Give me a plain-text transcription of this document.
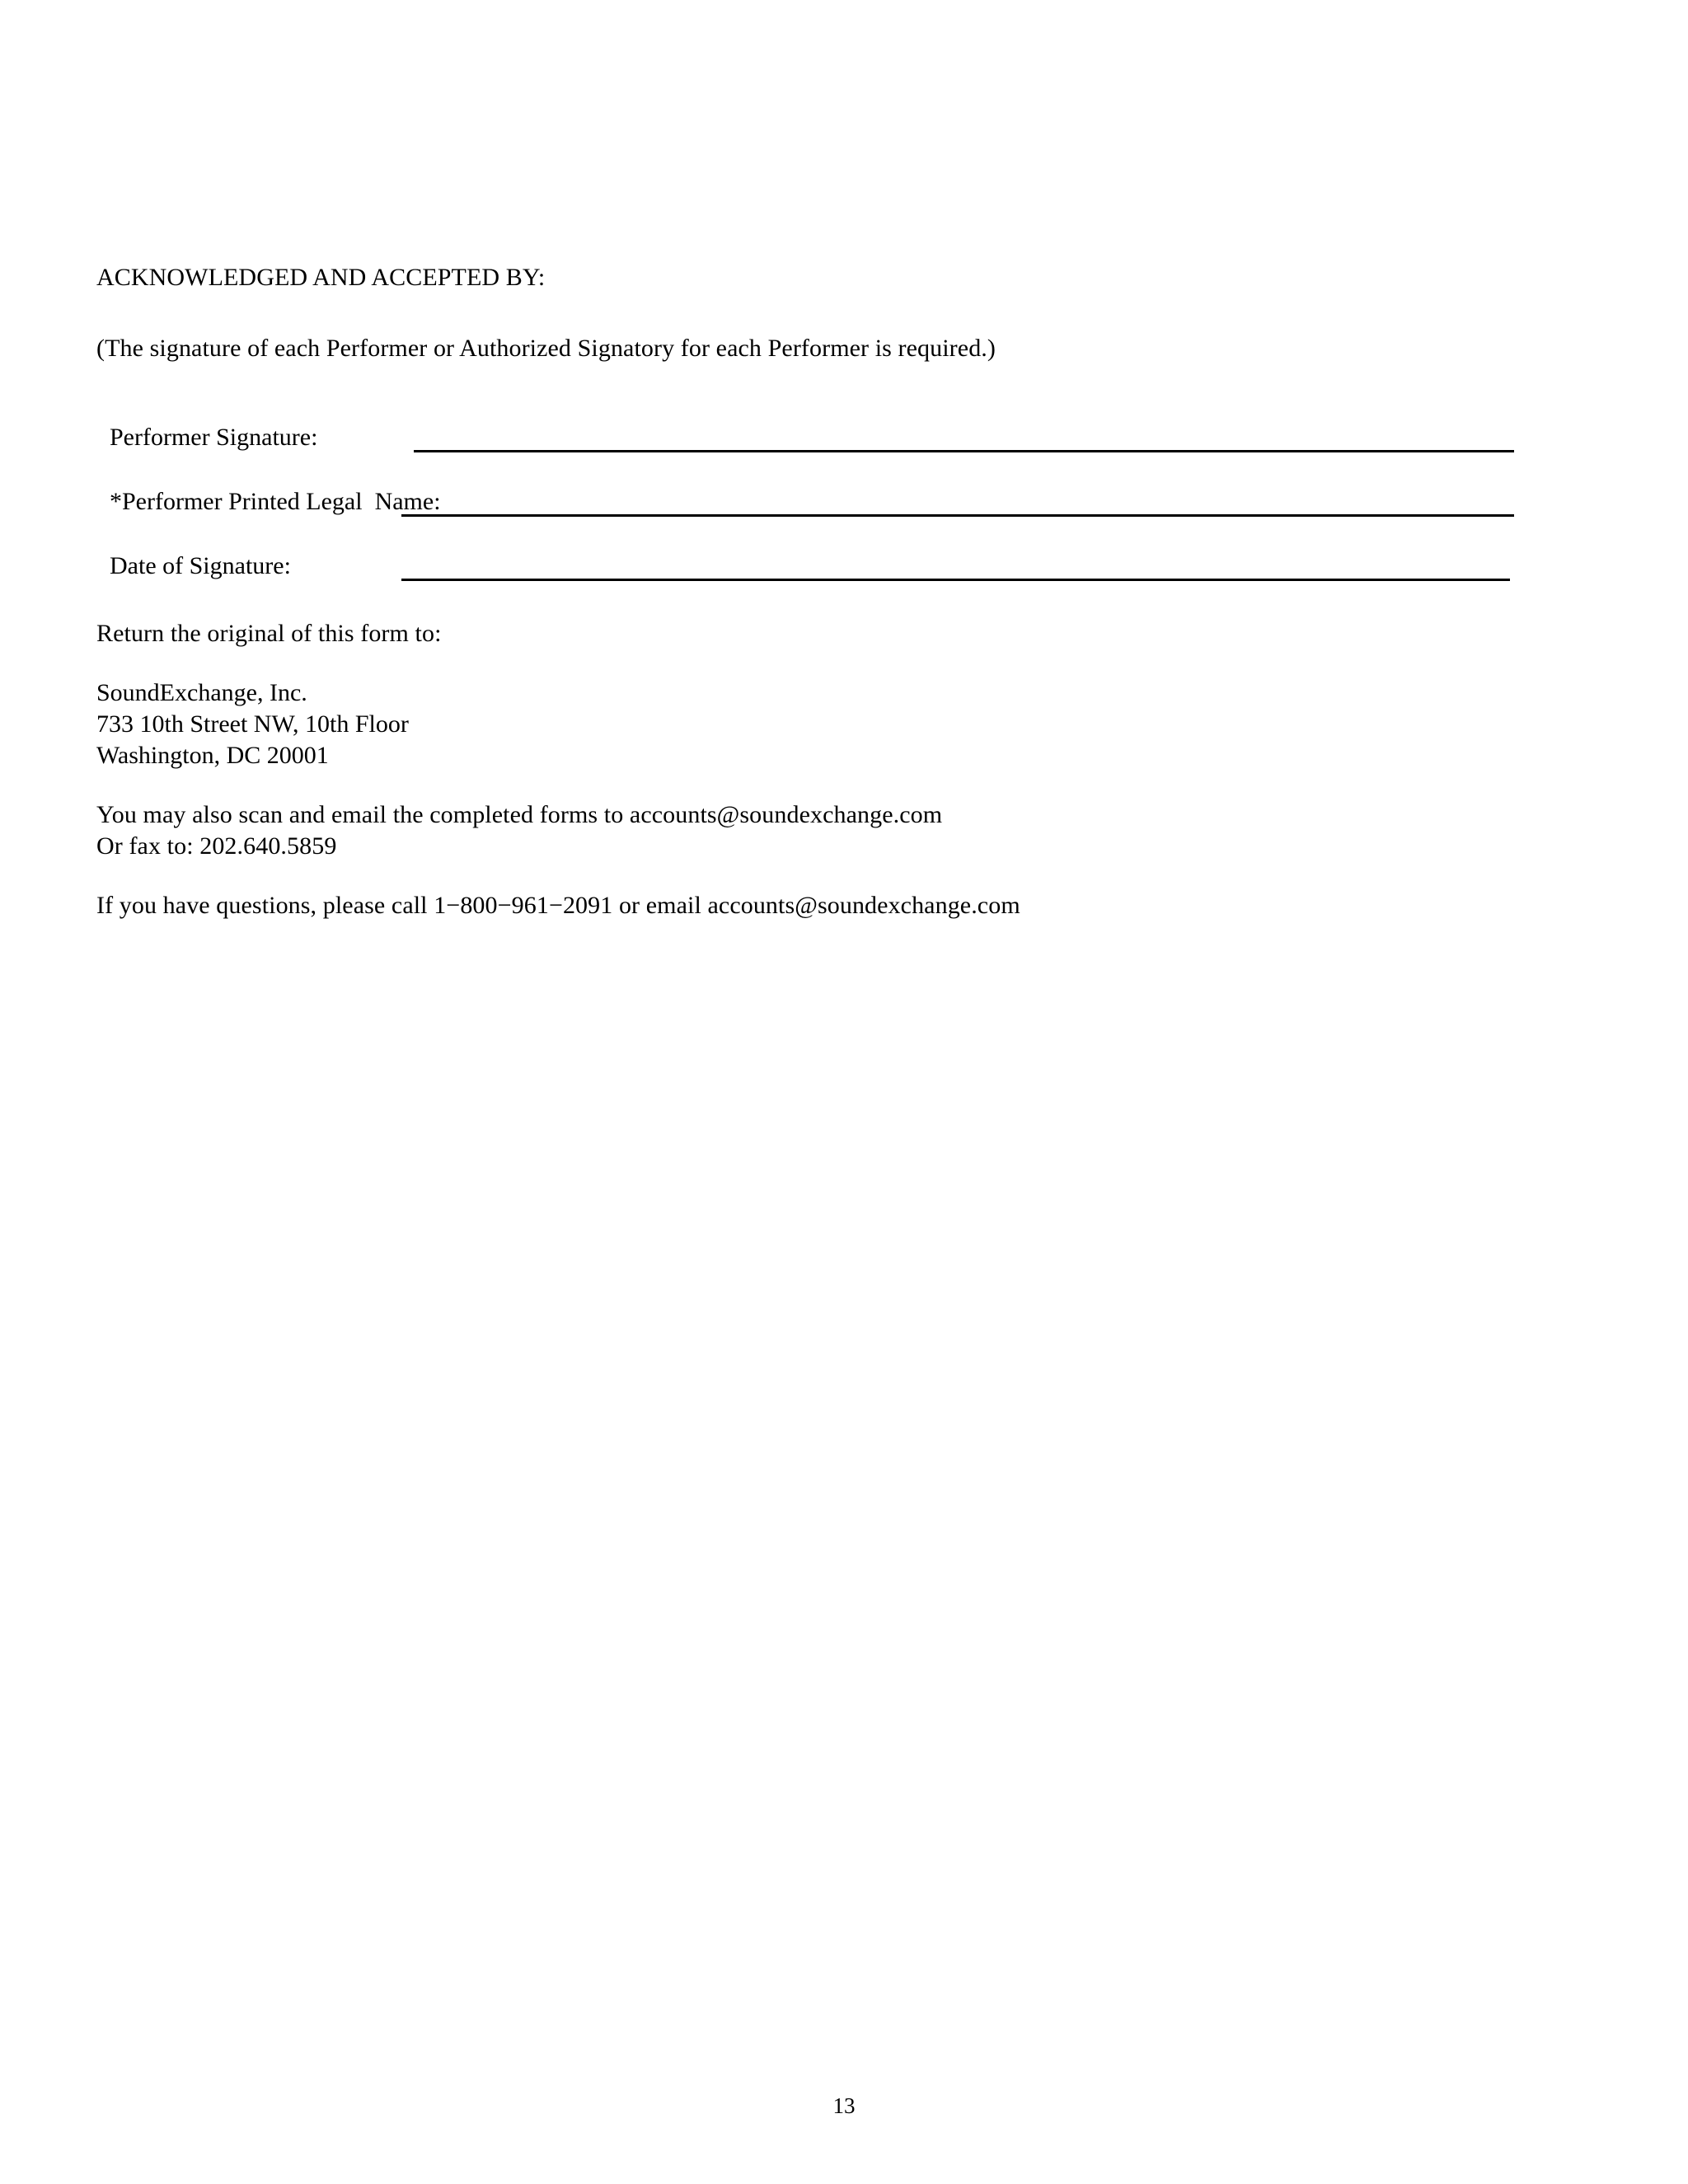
ACKNOWLEDGED AND ACCEPTED BY:
(The signature of each Performer or Authorized Signatory for each Performer is required.)
Performer Signature:
*Performer Printed Legal  Name:
Date of Signature:
Return the original of this form to:
SoundExchange, Inc.
733 10th Street NW, 10th Floor
Washington, DC 20001
You may also scan and email the completed forms to accounts@soundexchange.com
Or fax to: 202.640.5859
If you have questions, please call 1−800−961−2091 or email accounts@soundexchange.com
13
